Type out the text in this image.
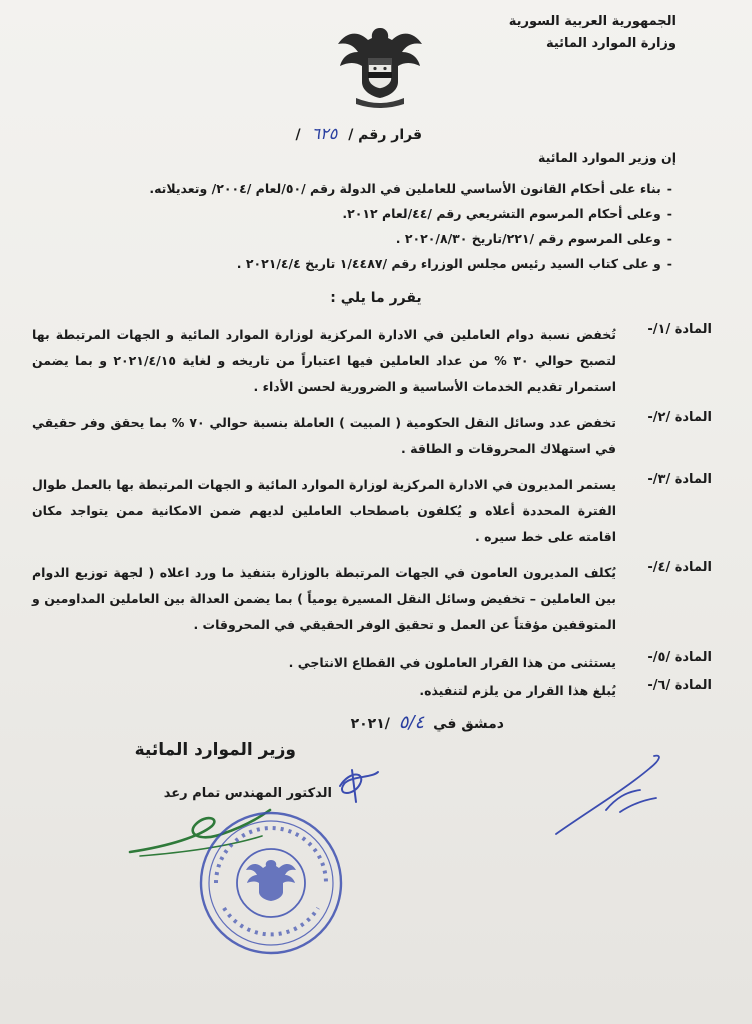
الجمهورية العربية السورية
وزارة الموارد المائية
قرار رقم / ٦٢٥ /
إن وزير الموارد المائية
- بناء على أحكام القانون الأساسي للعاملين في الدولة رقم /٥٠/لعام /٢٠٠٤/ وتعديلاته.
- وعلى أحكام المرسوم التشريعي رقم /٤٤/لعام ٢٠١٢.
- وعلى المرسوم رقم /٢٢١/تاريخ ٢٠٢٠/٨/٣٠ .
- و على كتاب السيد رئيس مجلس الوزراء رقم /١/٤٤٨٧ تاريخ ٢٠٢١/٤/٤ .
يقرر ما يلي :
المادة /١/-
تُخفض نسبة دوام العاملين في الادارة المركزية لوزارة الموارد المائية و الجهات المرتبطة بها لتصبح حوالي ٣٠ % من عداد العاملين فيها اعتباراً من تاريخه و لغاية ٢٠٢١/٤/١٥ و بما يضمن استمرار تقديم الخدمات الأساسية و الضرورية لحسن الأداء .
المادة /٢/-
تخفض عدد وسائل النقل الحكومية ( المبيت ) العاملة بنسبة حوالي ٧٠ % بما يحقق وفر حقيقي في استهلاك المحروقات و الطاقة .
المادة /٣/-
يستمر المديرون في الادارة المركزية لوزارة الموارد المائية و الجهات المرتبطة بها بالعمل طوال الفترة المحددة أعلاه و يُكلفون باصطحاب العاملين لديهم ضمن الامكانية ممن يتواجد مكان اقامته على خط سيره .
المادة /٤/-
يُكلف المديرون العامون في الجهات المرتبطة بالوزارة بتنفيذ ما ورد اعلاه ( لجهة توزيع الدوام بين العاملين – تخفيض وسائل النقل المسيرة يومياً ) بما يضمن العدالة بين العاملين المداومين و المتوقفين مؤقتاً عن العمل و تحقيق الوفر الحقيقي في المحروقات .
المادة /٥/-
يستثنى من هذا القرار العاملون في القطاع الانتاجي .
المادة /٦/-
يُبلغ هذا القرار من يلزم لتنفيذه.
دمشق في ٥/٤ /٢٠٢١
وزير الموارد المائية
الدكتور المهندس تمام رعد
